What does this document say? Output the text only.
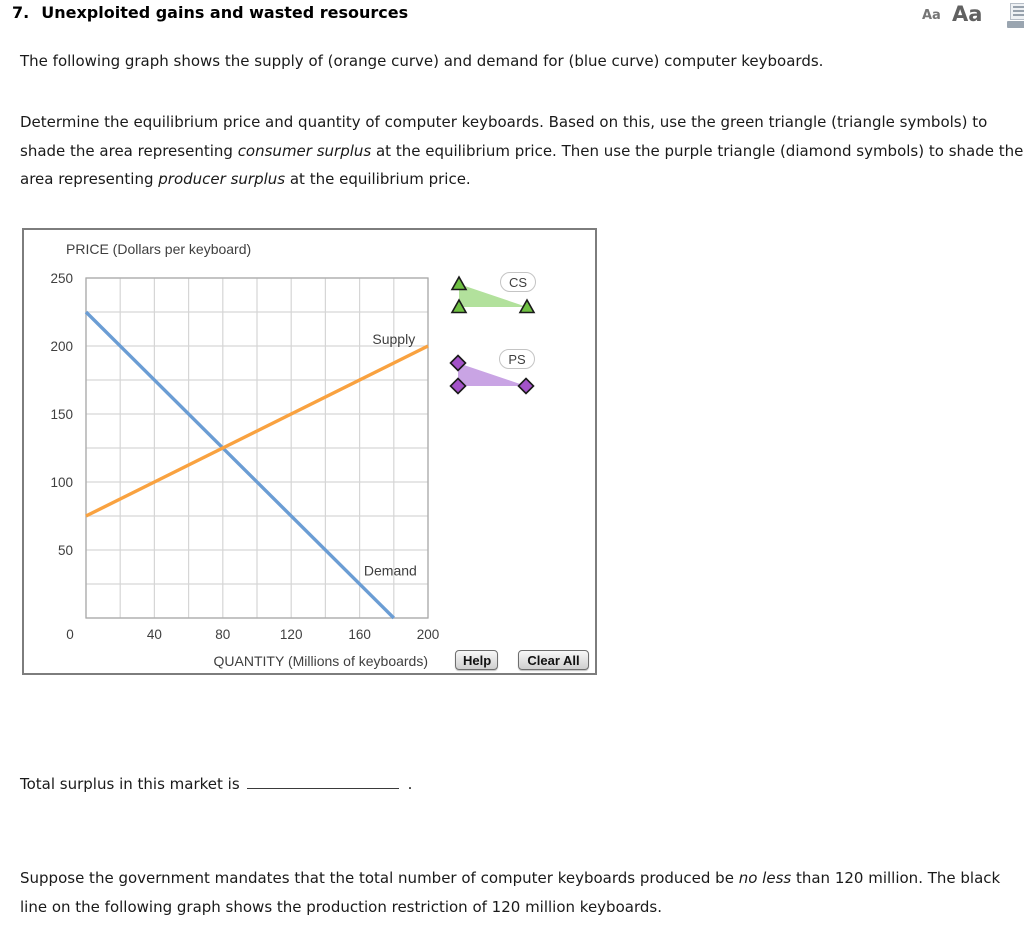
7. Unexploited gains and wasted resources	Aa Aa

The following graph shows the supply of (orange curve) and demand for (blue curve) computer keyboards.

Determine the equilibrium price and quantity of computer keyboards. Based on this, use the green triangle (triangle symbols) to shade the area representing consumer surplus at the equilibrium price. Then use the purple triangle (diamond symbols) to shade the area representing producer surplus at the equilibrium price.

50
100
150
200
250
0	40	80	120	160	200
PRICE (Dollars per keyboard)
QUANTITY (Millions of keyboards)
Demand
Supply
CS
PS
Help	Clear All
Total surplus in this market is	.

Suppose the government mandates that the total number of computer keyboards produced be no less than 120 million. The black line on the following graph shows the production restriction of 120 million keyboards.
